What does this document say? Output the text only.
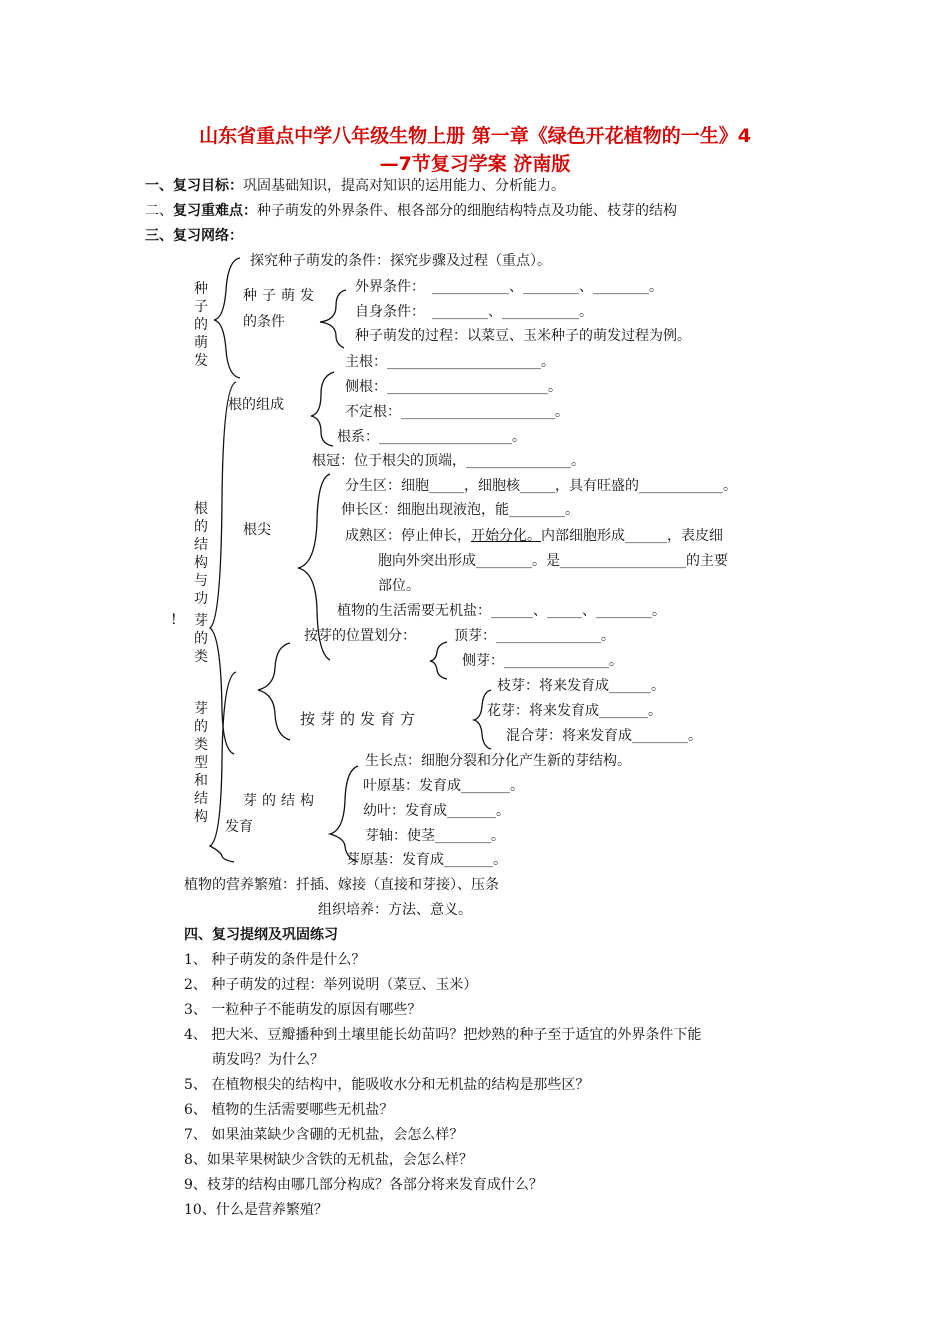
山东省重点中学八年级生物上册 第一章《绿色开花植物的一生》4
—7节复习学案 济南版
一、复习目标：巩固基础知识，提高对知识的运用能力、分析能力。
二、复习重难点：种子萌发的外界条件、根各部分的细胞结构特点及功能、枝芽的结构
三、复习网络：
种子的萌发
探究种子萌发的条件：探究步骤及过程（重点）。
种子萌发
的条件
外界条件：　___________、________、________。
自身条件：　________、___________。
种子萌发的过程：以菜豆、玉米种子的萌发过程为例。
根的结构与功
根的组成
主根：______________________。
侧根：_______________________。
不定根：______________________。
根系：___________________。
根冠：位于根尖的顶端，_______________。
根尖
分生区：细胞_____，细胞核_____，具有旺盛的____________。
伸长区：细胞出现液泡，能________。
成熟区：停止伸长，开始分化。内部细胞形成______，表皮细
胞向外突出形成________。是__________________的主要
部位。
植物的生活需要无机盐：______、_____、________。
! 芽的类
按芽的位置划分：	顶芽：_______________。
侧芽：_______________。
按芽的发育方
枝芽：将来发育成______。
花芽：将来发育成_______。
混合芽：将来发育成________。
芽的类型和结构
芽的结构
发育
生长点：细胞分裂和分化产生新的芽结构。
叶原基：发育成_______。
幼叶：发育成_______。
芽轴：使茎________。
芽原基：发育成_______。
植物的营养繁殖：扦插、嫁接（直接和芽接）、压条
组织培养：方法、意义。
四、复习提纲及巩固练习
1、 种子萌发的条件是什么？
2、 种子萌发的过程：举列说明（菜豆、玉米）
3、 一粒种子不能萌发的原因有哪些？
4、 把大米、豆瓣播种到土壤里能长幼苗吗？把炒熟的种子至于适宜的外界条件下能
萌发吗？为什么？
5、 在植物根尖的结构中，能吸收水分和无机盐的结构是那些区？
6、 植物的生活需要哪些无机盐？
7、 如果油菜缺少含硼的无机盐，会怎么样？
8、如果苹果树缺少含铁的无机盐，会怎么样？
9、枝芽的结构由哪几部分构成？各部分将来发育成什么？
10、什么是营养繁殖？
